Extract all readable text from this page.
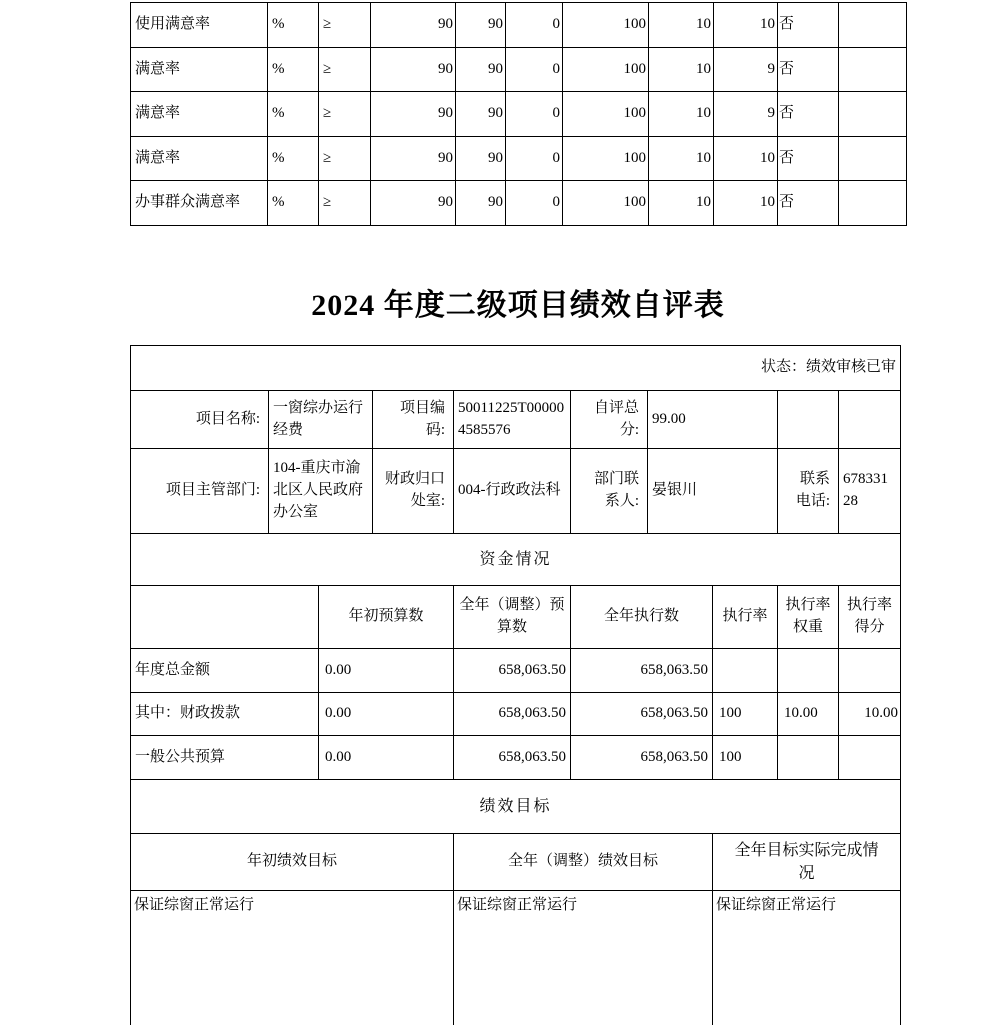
使用满意率	%	≥	90	90	0	100	10	10	否	
满意率	%	≥	90	90	0	100	10	9	否	
满意率	%	≥	90	90	0	100	10	9	否	
满意率	%	≥	90	90	0	100	10	10	否	
办事群众满意率	%	≥	90	90	0	100	10	10	否	
2024 年度二级项目绩效自评表
状态：绩效审核已审									
项目名称:	一窗综办运行经费		项目编码:	50011225T000004585576	自评总分:	99.00			
项目主管部门:	104-重庆市渝北区人民政府办公室		财政归口处室:	004-行政政法科	部门联系人:	晏银川		联系电话:	67833128
资金情况									
		年初预算数		全年（调整）预算数	全年执行数		执行率	执行率权重	执行率得分
年度总金额		0.00		658,063.50	658,063.50				
其中：财政拨款		0.00		658,063.50	658,063.50		100	10.00	10.00
一般公共预算		0.00		658,063.50	658,063.50		100		
绩效目标									
年初绩效目标				全年（调整）绩效目标			全年目标实际完成情况		
保证综窗正常运行				保证综窗正常运行			保证综窗正常运行		
